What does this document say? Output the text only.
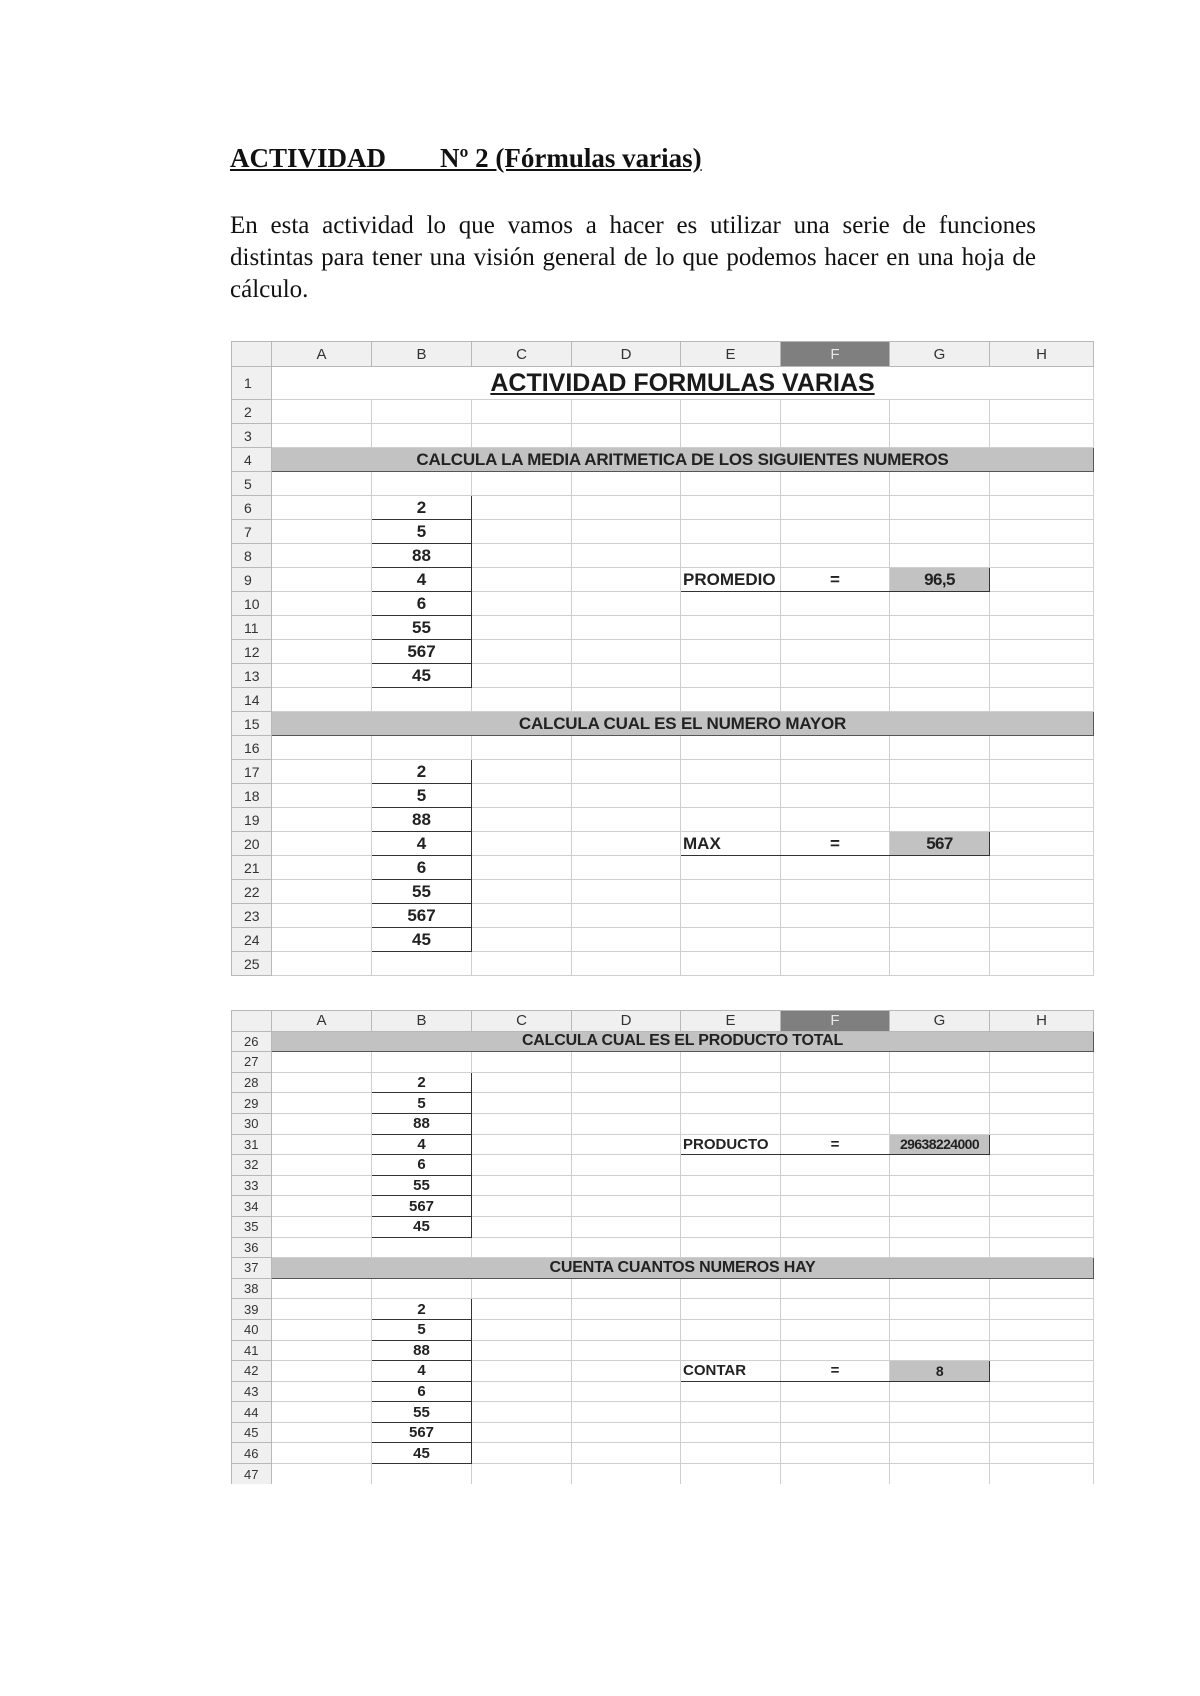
ACTIVIDAD        Nº 2 (Fórmulas varias)
En esta actividad lo que vamos a hacer es utilizar una serie de funciones distintas para tener una visión general de lo que podemos hacer en una hoja de cálculo.
	A	B	C	D	E	F	G	H
1	ACTIVIDAD FORMULAS VARIAS							
2								
3								
4	CALCULA LA MEDIA ARITMETICA DE LOS SIGUIENTES NUMEROS							
5								
6		2						
7		5						
8		88						
9		4			PROMEDIO	=	96,5	
10		6						
11		55						
12		567						
13		45						
14								
15	CALCULA CUAL ES EL NUMERO MAYOR							
16								
17		2						
18		5						
19		88						
20		4			MAX	=	567	
21		6						
22		55						
23		567						
24		45						
25								
	A	B	C	D	E	F	G	H
26	CALCULA CUAL ES EL PRODUCTO TOTAL							
27								
28		2						
29		5						
30		88						
31		4			PRODUCTO	=	29638224000	
32		6						
33		55						
34		567						
35		45						
36								
37	CUENTA CUANTOS NUMEROS HAY							
38								
39		2						
40		5						
41		88						
42		4			CONTAR	=	8	
43		6						
44		55						
45		567						
46		45						
47								
